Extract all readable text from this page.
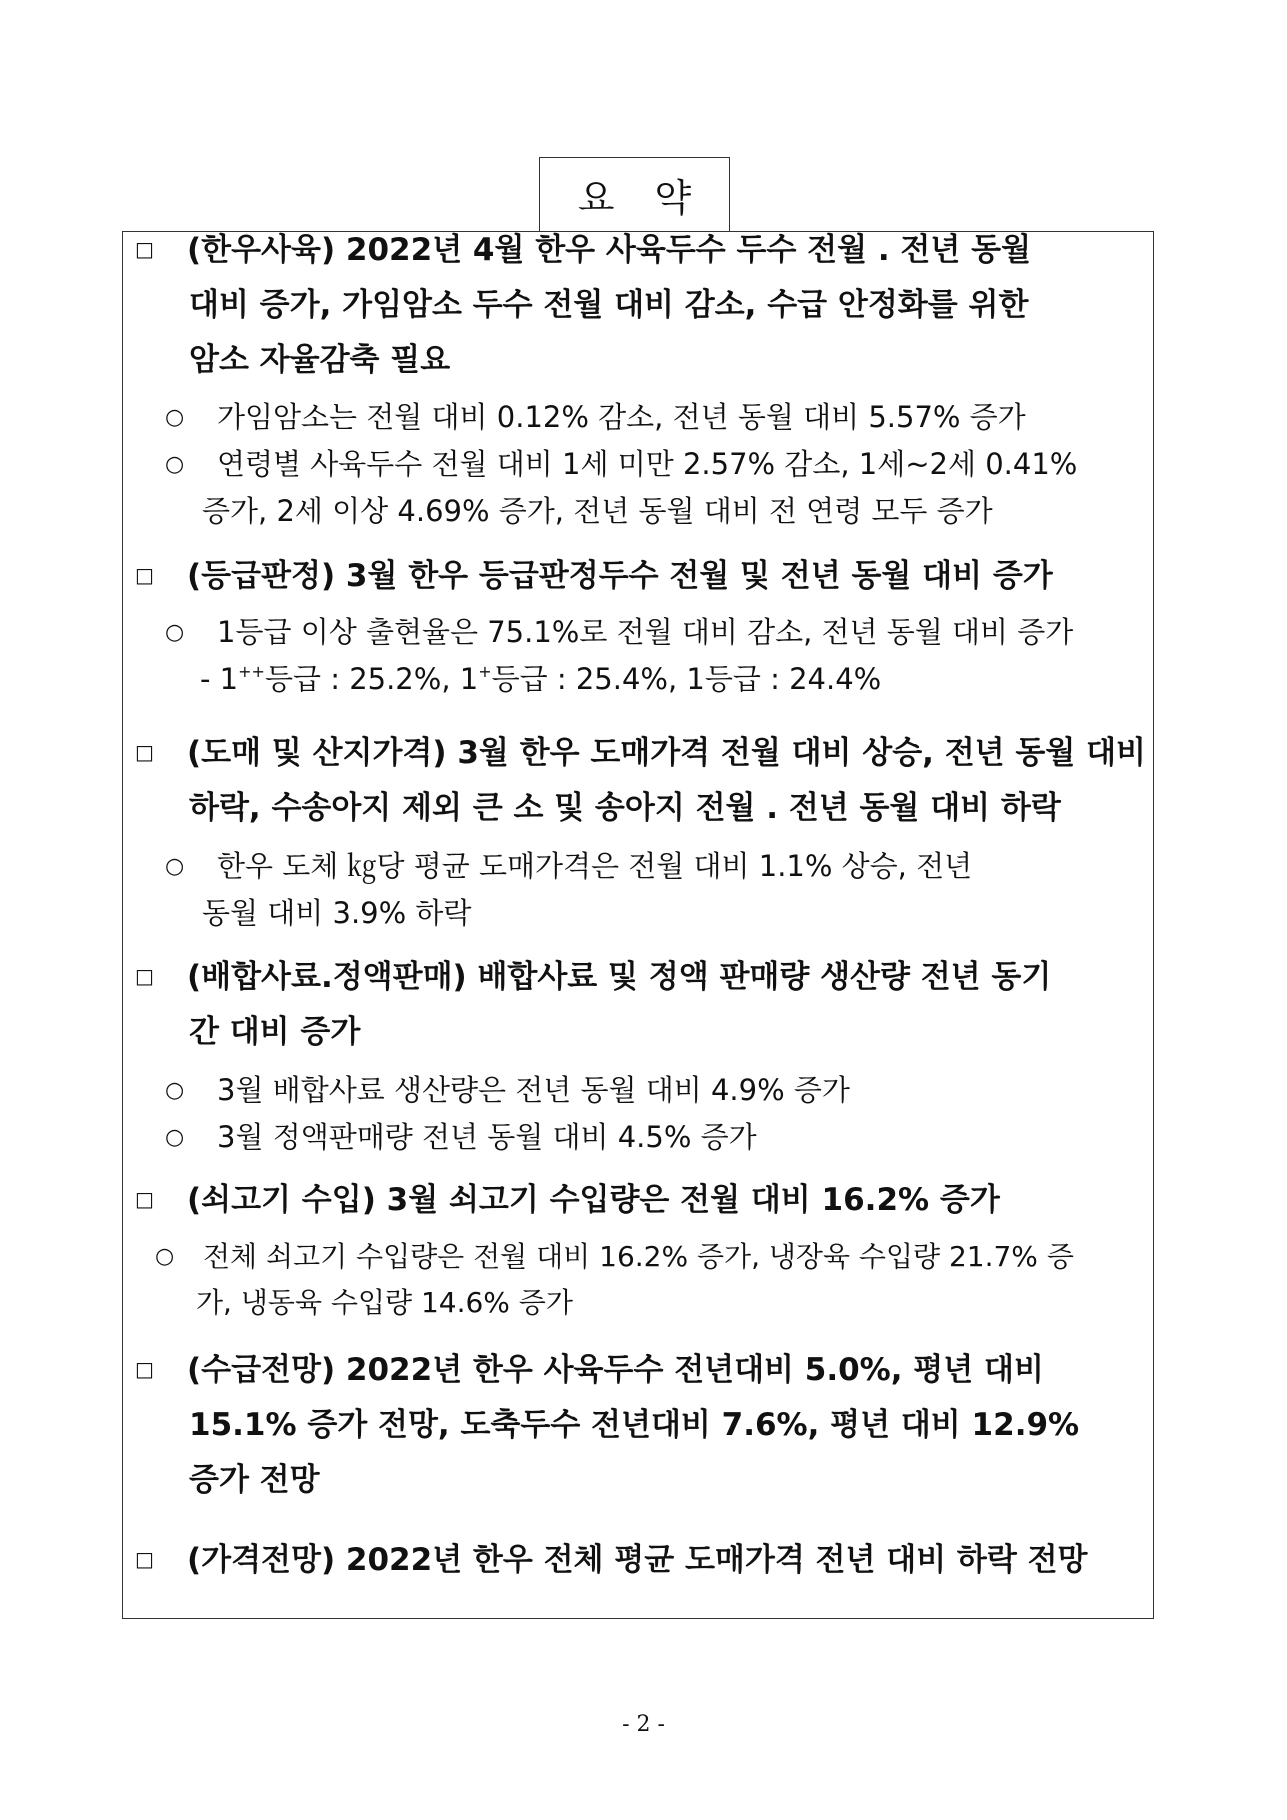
요 약
□ (한우사육) 2022년 4월 한우 사육두수 두수 전월 . 전년 동월
대비 증가, 가임암소 두수 전월 대비 감소, 수급 안정화를 위한
암소 자율감축 필요
○ 가임암소는 전월 대비 0.12% 감소, 전년 동월 대비 5.57% 증가
○ 연령별 사육두수 전월 대비 1세 미만 2.57% 감소, 1세~2세 0.41%
증가, 2세 이상 4.69% 증가, 전년 동월 대비 전 연령 모두 증가
□ (등급판정) 3월 한우 등급판정두수 전월 및 전년 동월 대비 증가
○ 1등급 이상 출현율은 75.1%로 전월 대비 감소, 전년 동월 대비 증가
- 1++등급 : 25.2%, 1+등급 : 25.4%, 1등급 : 24.4%
□ (도매 및 산지가격) 3월 한우 도매가격 전월 대비 상승, 전년 동월 대비
하락, 수송아지 제외 큰 소 및 송아지 전월 . 전년 동월 대비 하락
○ 한우 도체 ㎏당 평균 도매가격은 전월 대비 1.1% 상승, 전년
동월 대비 3.9% 하락
□ (배합사료.정액판매) 배합사료 및 정액 판매량 생산량 전년 동기
간 대비 증가
○ 3월 배합사료 생산량은 전년 동월 대비 4.9% 증가
○ 3월 정액판매량 전년 동월 대비 4.5% 증가
□ (쇠고기 수입) 3월 쇠고기 수입량은 전월 대비 16.2% 증가
○ 전체 쇠고기 수입량은 전월 대비 16.2% 증가, 냉장육 수입량 21.7% 증
가, 냉동육 수입량 14.6% 증가
□ (수급전망) 2022년 한우 사육두수 전년대비 5.0%, 평년 대비
15.1% 증가 전망, 도축두수 전년대비 7.6%, 평년 대비 12.9%
증가 전망
□ (가격전망) 2022년 한우 전체 평균 도매가격 전년 대비 하락 전망
- 2 -
